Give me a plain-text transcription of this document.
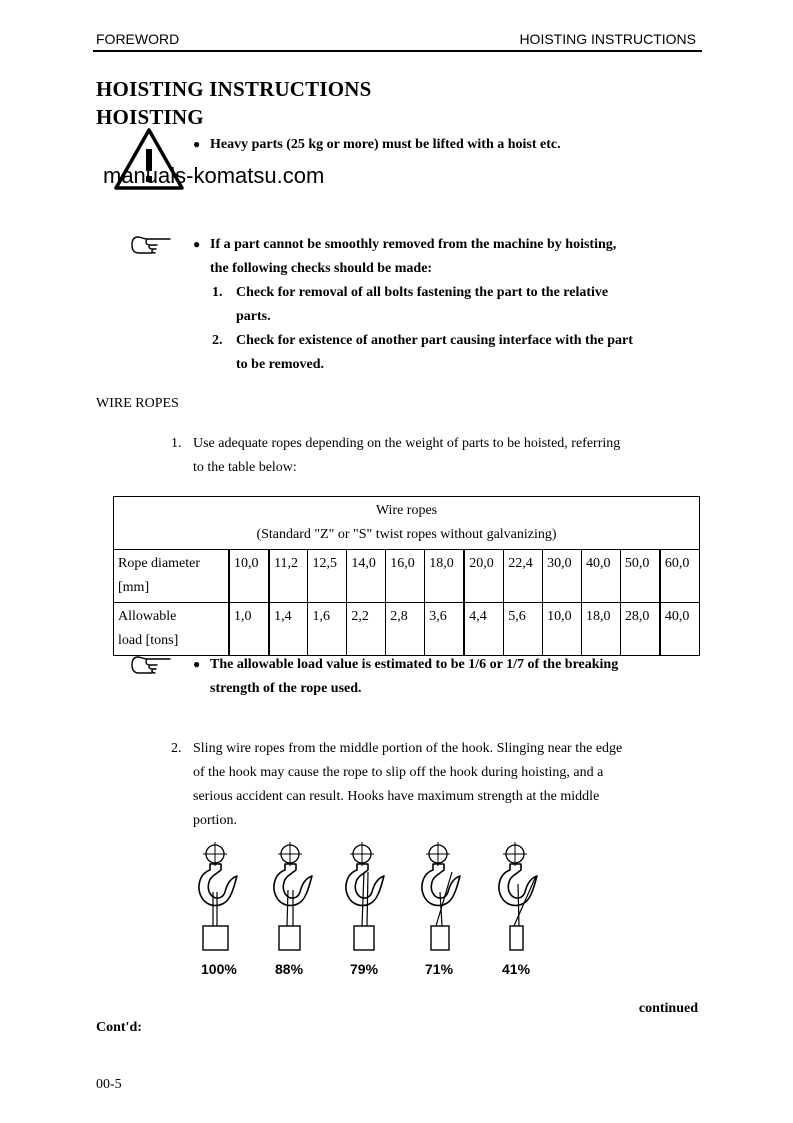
FOREWORD	HOISTING INSTRUCTIONS
HOISTING INSTRUCTIONS
HOISTING
● Heavy parts (25 kg or more) must be lifted with a hoist etc.
manuals-komatsu.com
● If a part cannot be smoothly removed from the machine by hoisting,
the following checks should be made:
1. Check for removal of all bolts fastening the part to the relative
parts.
2. Check for existence of another part causing interface with the part
to be removed.
WIRE ROPES
1. Use adequate ropes depending on the weight of parts to be hoisted, referring
to the table below:
Wire ropes
(Standard "Z" or "S" twist ropes without galvanizing)												

Rope diameter
[mm]	10,0	11,2	12,5	14,0	16,0	18,0	20,0	22,4	30,0	40,0	50,0	60,0

Allowable
load [tons]	1,0	1,4	1,6	2,2	2,8	3,6	4,4	5,6	10,0	18,0	28,0	40,0
● The allowable load value is estimated to be 1/6 or 1/7 of the breaking
strength of the rope used.
2. Sling wire ropes from the middle portion of the hook. Slinging near the edge
of the hook may cause the rope to slip off the hook during hoisting, and a
serious accident can result. Hooks have maximum strength at the middle
portion.
100%	88%	79%	71%	41%
continued
Cont'd:
00-5
